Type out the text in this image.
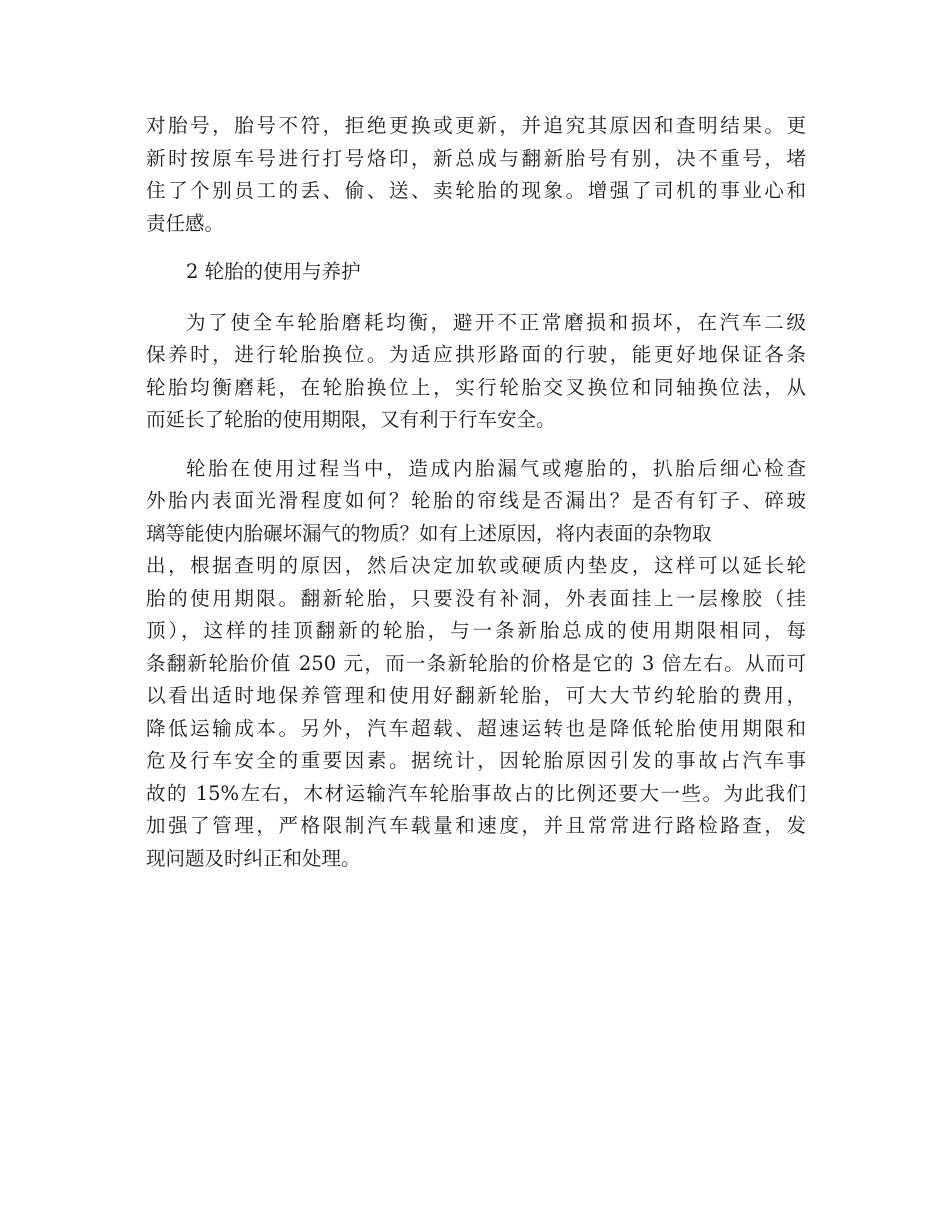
对胎号，胎号不符，拒绝更换或更新，并追究其原因和查明结果。更
新时按原车号进行打号烙印，新总成与翻新胎号有别，决不重号，堵
住了个别员工的丢、偷、送、卖轮胎的现象。增强了司机的事业心和
责任感。
2 轮胎的使用与养护
为了使全车轮胎磨耗均衡，避开不正常磨损和损坏，在汽车二级
保养时，进行轮胎换位。为适应拱形路面的行驶，能更好地保证各条
轮胎均衡磨耗，在轮胎换位上，实行轮胎交叉换位和同轴换位法，从
而延长了轮胎的使用期限，又有利于行车安全。
轮胎在使用过程当中，造成内胎漏气或瘪胎的，扒胎后细心检查
外胎内表面光滑程度如何？轮胎的帘线是否漏出？是否有钉子、碎玻
璃等能使内胎碾坏漏气的物质？如有上述原因，将内表面的杂物取
出，根据查明的原因，然后决定加软或硬质内垫皮，这样可以延长轮
胎的使用期限。翻新轮胎，只要没有补洞，外表面挂上一层橡胶（挂
顶），这样的挂顶翻新的轮胎，与一条新胎总成的使用期限相同，每
条翻新轮胎价值 250 元，而一条新轮胎的价格是它的 3 倍左右。从而可
以看出适时地保养管理和使用好翻新轮胎，可大大节约轮胎的费用，
降低运输成本。另外，汽车超载、超速运转也是降低轮胎使用期限和
危及行车安全的重要因素。据统计，因轮胎原因引发的事故占汽车事
故的 15%左右，木材运输汽车轮胎事故占的比例还要大一些。为此我们
加强了管理，严格限制汽车载量和速度，并且常常进行路检路查，发
现问题及时纠正和处理。
